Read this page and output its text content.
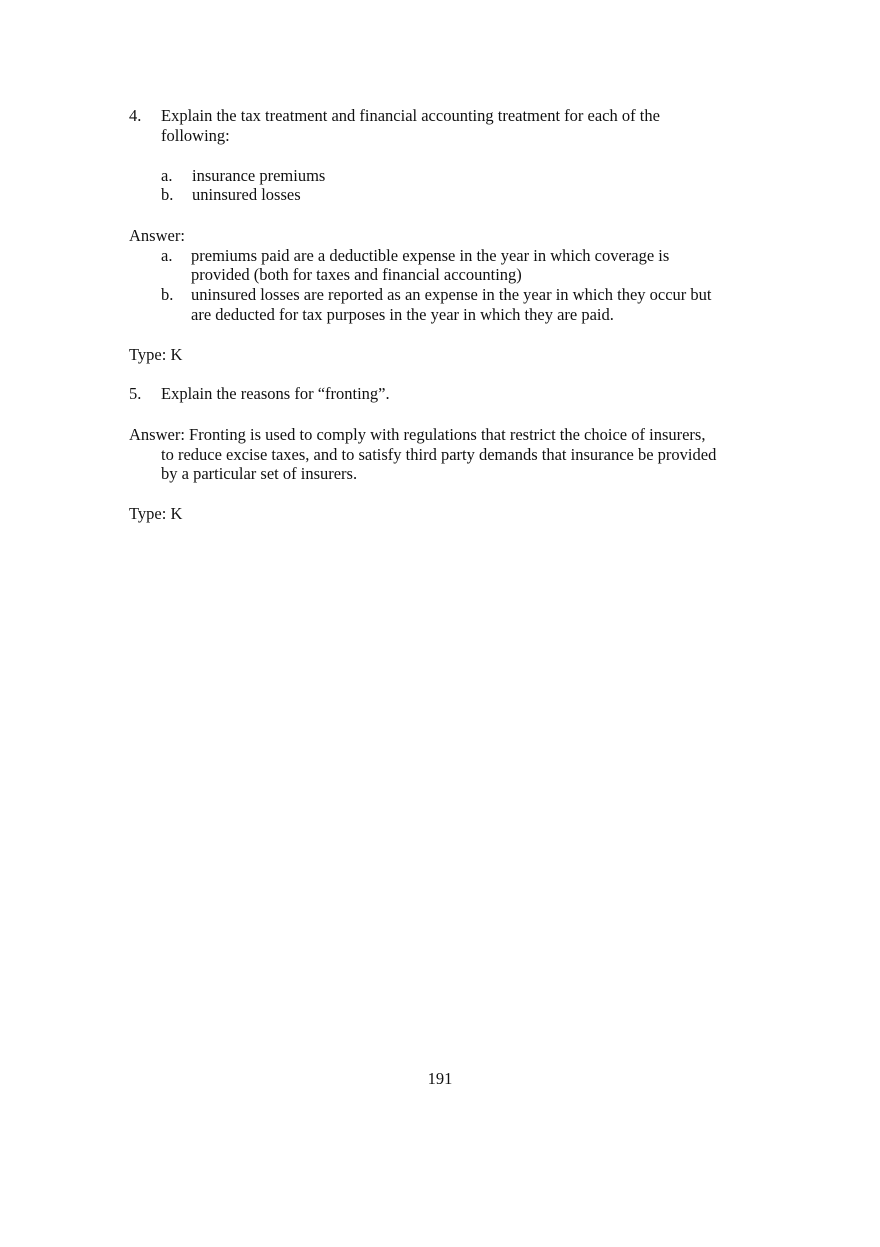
4. Explain the tax treatment and financial accounting treatment for each of the
following:
a. insurance premiums
b. uninsured losses
Answer:
a. premiums paid are a deductible expense in the year in which coverage is
provided (both for taxes and financial accounting)
b. uninsured losses are reported as an expense in the year in which they occur but
are deducted for tax purposes in the year in which they are paid.
Type: K
5. Explain the reasons for “fronting”.
Answer: Fronting is used to comply with regulations that restrict the choice of insurers,
to reduce excise taxes, and to satisfy third party demands that insurance be provided
by a particular set of insurers.
Type: K
191
